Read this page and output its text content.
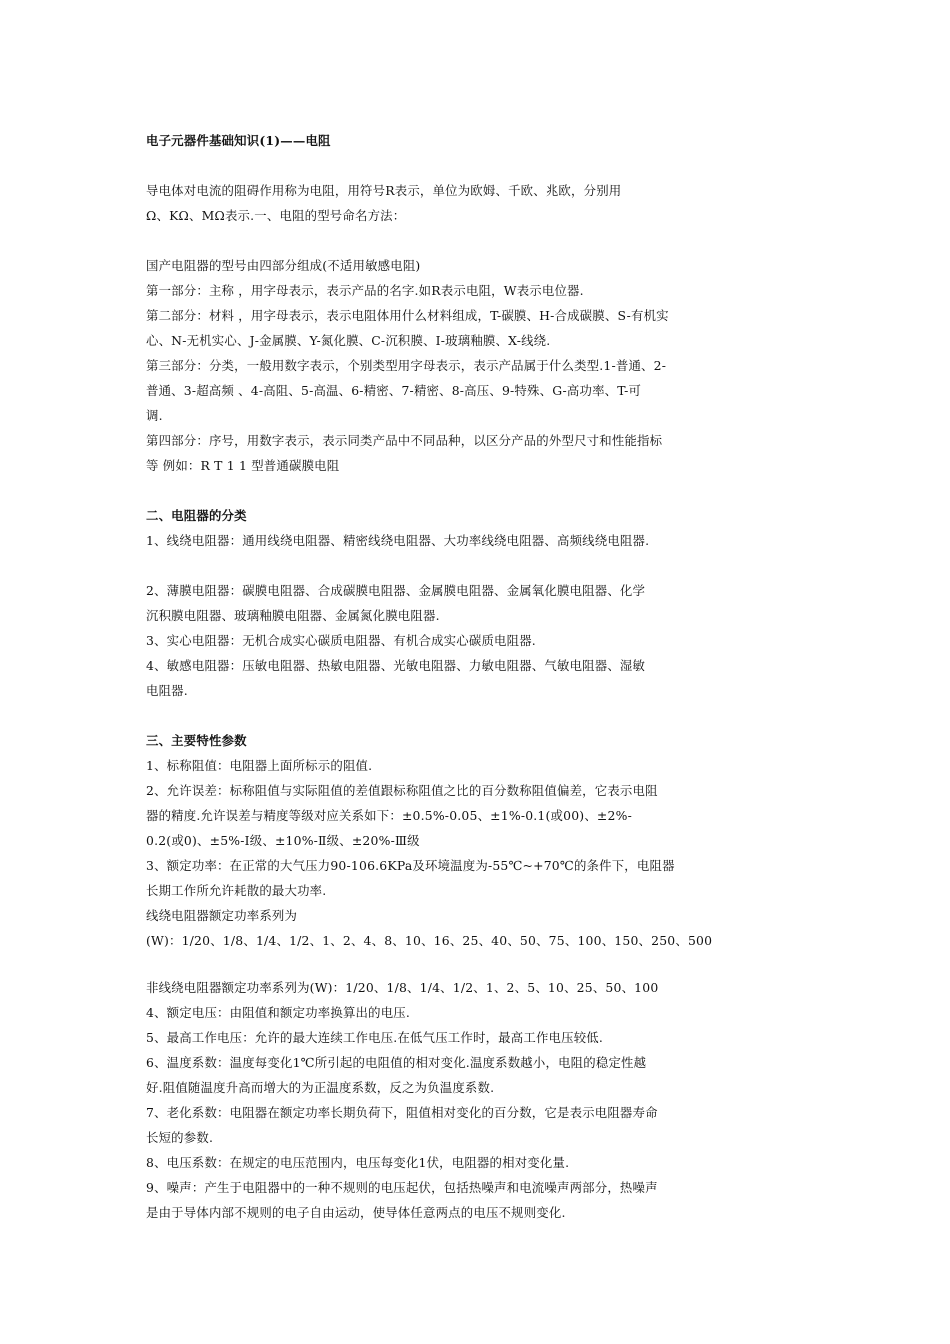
电子元器件基础知识(1)——电阻

导电体对电流的阻碍作用称为电阻，用符号R表示，单位为欧姆、千欧、兆欧，分别用

Ω、KΩ、MΩ表示.一、电阻的型号命名方法：

国产电阻器的型号由四部分组成(不适用敏感电阻)

第一部分：主称 ，用字母表示，表示产品的名字.如R表示电阻，W表示电位器.

第二部分：材料 ，用字母表示，表示电阻体用什么材料组成，T-碳膜、H-合成碳膜、S-有机实

心、N-无机实心、J-金属膜、Y-氮化膜、C-沉积膜、I-玻璃釉膜、X-线绕.

第三部分：分类，一般用数字表示，个别类型用字母表示，表示产品属于什么类型.1-普通、2-

普通、3-超高频 、4-高阻、5-高温、6-精密、7-精密、8-高压、9-特殊、G-高功率、T-可

调.

第四部分：序号，用数字表示，表示同类产品中不同品种，以区分产品的外型尺寸和性能指标

等 例如：R T 1 1 型普通碳膜电阻

二、电阻器的分类

1、线绕电阻器：通用线绕电阻器、精密线绕电阻器、大功率线绕电阻器、高频线绕电阻器.

2、薄膜电阻器：碳膜电阻器、合成碳膜电阻器、金属膜电阻器、金属氧化膜电阻器、化学

沉积膜电阻器、玻璃釉膜电阻器、金属氮化膜电阻器.

3、实心电阻器：无机合成实心碳质电阻器、有机合成实心碳质电阻器.

4、敏感电阻器：压敏电阻器、热敏电阻器、光敏电阻器、力敏电阻器、气敏电阻器、湿敏

电阻器.

三、主要特性参数

1、标称阻值：电阻器上面所标示的阻值.

2、允许误差：标称阻值与实际阻值的差值跟标称阻值之比的百分数称阻值偏差，它表示电阻

器的精度.允许误差与精度等级对应关系如下：±0.5%-0.05、±1%-0.1(或00)、±2%-

0.2(或0)、±5%-Ⅰ级、±10%-Ⅱ级、±20%-Ⅲ级

3、额定功率：在正常的大气压力90-106.6KPa及环境温度为-55℃~+70℃的条件下，电阻器

长期工作所允许耗散的最大功率.

线绕电阻器额定功率系列为

(W)：1/20、1/8、1/4、1/2、1、2、4、8、10、16、25、40、50、75、100、150、250、500

非线绕电阻器额定功率系列为(W)：1/20、1/8、1/4、1/2、1、2、5、10、25、50、100

4、额定电压：由阻值和额定功率换算出的电压.

5、最高工作电压：允许的最大连续工作电压.在低气压工作时，最高工作电压较低.

6、温度系数：温度每变化1℃所引起的电阻值的相对变化.温度系数越小，电阻的稳定性越

好.阻值随温度升高而增大的为正温度系数，反之为负温度系数.

7、老化系数：电阻器在额定功率长期负荷下，阻值相对变化的百分数，它是表示电阻器寿命

长短的参数.

8、电压系数：在规定的电压范围内，电压每变化1伏，电阻器的相对变化量.

9、噪声：产生于电阻器中的一种不规则的电压起伏，包括热噪声和电流噪声两部分，热噪声

是由于导体内部不规则的电子自由运动，使导体任意两点的电压不规则变化.
